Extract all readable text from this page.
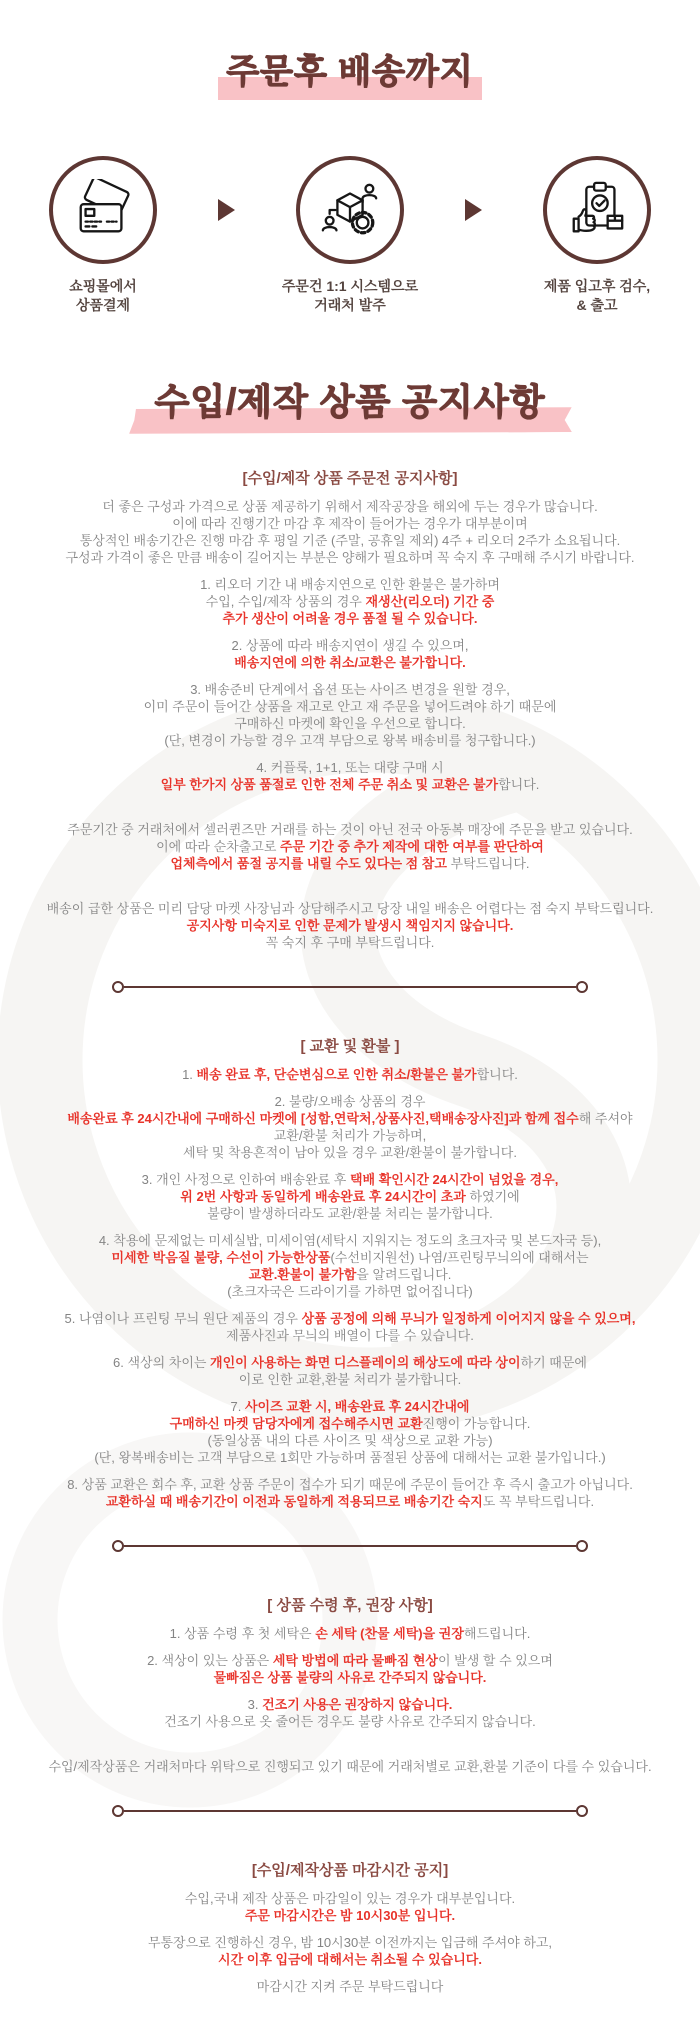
주문후 배송까지
쇼핑몰에서
상품결제
주문건 1:1 시스템으로
거래처 발주
제품 입고후 검수,
& 출고
수입/제작 상품 공지사항
[수입/제작 상품 주문전 공지사항]
더 좋은 구성과 가격으로 상품 제공하기 위해서 제작공장을 해외에 두는 경우가 많습니다.
이에 따라 진행기간 마감 후 제작이 들어가는 경우가 대부분이며
통상적인 배송기간은 진행 마감 후 평일 기준 (주말, 공휴일 제외) 4주 + 리오더 2주가 소요됩니다.
구성과 가격이 좋은 만큼 배송이 길어지는 부분은 양해가 필요하며 꼭 숙지 후 구매해 주시기 바랍니다.
1. 리오더 기간 내 배송지연으로 인한 환불은 불가하며
수입, 수입/제작 상품의 경우 재생산(리오더) 기간 중
추가 생산이 어려울 경우 품절 될 수 있습니다.
2. 상품에 따라 배송지연이 생길 수 있으며,
배송지연에 의한 취소/교환은 불가합니다.
3. 배송준비 단계에서 옵션 또는 사이즈 변경을 원할 경우,
이미 주문이 들어간 상품을 재고로 안고 재 주문을 넣어드려야 하기 때문에
구매하신 마켓에 확인을 우선으로 합니다.
(단, 변경이 가능할 경우 고객 부담으로 왕복 배송비를 청구합니다.)
4. 커플룩, 1+1, 또는 대량 구매 시
일부 한가지 상품 품절로 인한 전체 주문 취소 및 교환은 불가합니다.
주문기간 중 거래처에서 셀러퀸즈만 거래를 하는 것이 아닌 전국 아동복 매장에 주문을 받고 있습니다.
이에 따라 순차출고로 주문 기간 중 추가 제작에 대한 여부를 판단하여
업체측에서 품절 공지를 내릴 수도 있다는 점 참고 부탁드립니다.
배송이 급한 상품은 미리 담당 마켓 사장님과 상담해주시고 당장 내일 배송은 어렵다는 점 숙지 부탁드립니다.
공지사항 미숙지로 인한 문제가 발생시 책임지지 않습니다.
꼭 숙지 후 구매 부탁드립니다.
[ 교환 및 환불 ]
1. 배송 완료 후, 단순변심으로 인한 취소/환불은 불가합니다.
2. 불량/오배송 상품의 경우
배송완료 후 24시간내에 구매하신 마켓에 [성함,연락처,상품사진,택배송장사진]과 함께 접수해 주셔야
교환/환불 처리가 가능하며,
세탁 및 착용흔적이 남아 있을 경우 교환/환불이 불가합니다.
3. 개인 사정으로 인하여 배송완료 후 택배 확인시간 24시간이 넘었을 경우,
위 2번 사항과 동일하게 배송완료 후 24시간이 초과 하였기에
불량이 발생하더라도 교환/환불 처리는 불가합니다.
4. 착용에 문제없는 미세실밥, 미세이염(세탁시 지워지는 정도의 초크자국 및 본드자국 등),
미세한 박음질 불량, 수선이 가능한상품(수선비지원선) 나염/프린팅무늬의에 대해서는
교환.환불이 불가함을 알려드립니다.
(초크자국은 드라이기를 가하면 없어집니다)
5. 나염이나 프린팅 무늬 원단 제품의 경우 상품 공정에 의해 무늬가 일정하게 이어지지 않을 수 있으며,
제품사진과 무늬의 배열이 다를 수 있습니다.
6. 색상의 차이는 개인이 사용하는 화면 디스플레이의 해상도에 따라 상이하기 때문에
이로 인한 교환,환불 처리가 불가합니다.
7. 사이즈 교환 시, 배송완료 후 24시간내에
구매하신 마켓 담당자에게 접수해주시면 교환진행이 가능합니다.
(동일상품 내의 다른 사이즈 및 색상으로 교환 가능)
(단, 왕복배송비는 고객 부담으로 1회만 가능하며 품절된 상품에 대해서는 교환 불가입니다.)
8. 상품 교환은 회수 후, 교환 상품 주문이 접수가 되기 때문에 주문이 들어간 후 즉시 출고가 아닙니다.
교환하실 때 배송기간이 이전과 동일하게 적용되므로 배송기간 숙지도 꼭 부탁드립니다.
[ 상품 수령 후, 권장 사항]
1. 상품 수령 후 첫 세탁은 손 세탁 (찬물 세탁)을 권장해드립니다.
2. 색상이 있는 상품은 세탁 방법에 따라 물빠짐 현상이 발생 할 수 있으며
물빠짐은 상품 불량의 사유로 간주되지 않습니다.
3. 건조기 사용은 권장하지 않습니다.
건조기 사용으로 옷 줄어든 경우도 불량 사유로 간주되지 않습니다.
수입/제작상품은 거래처마다 위탁으로 진행되고 있기 때문에 거래처별로 교환,환불 기준이 다를 수 있습니다.
[수입/제작상품 마감시간 공지]
수입,국내 제작 상품은 마감일이 있는 경우가 대부분입니다.
주문 마감시간은 밤 10시30분 입니다.
무통장으로 진행하신 경우, 밤 10시30분 이전까지는 입금해 주셔야 하고,
시간 이후 입금에 대해서는 취소될 수 있습니다.
마감시간 지켜 주문 부탁드립니다
